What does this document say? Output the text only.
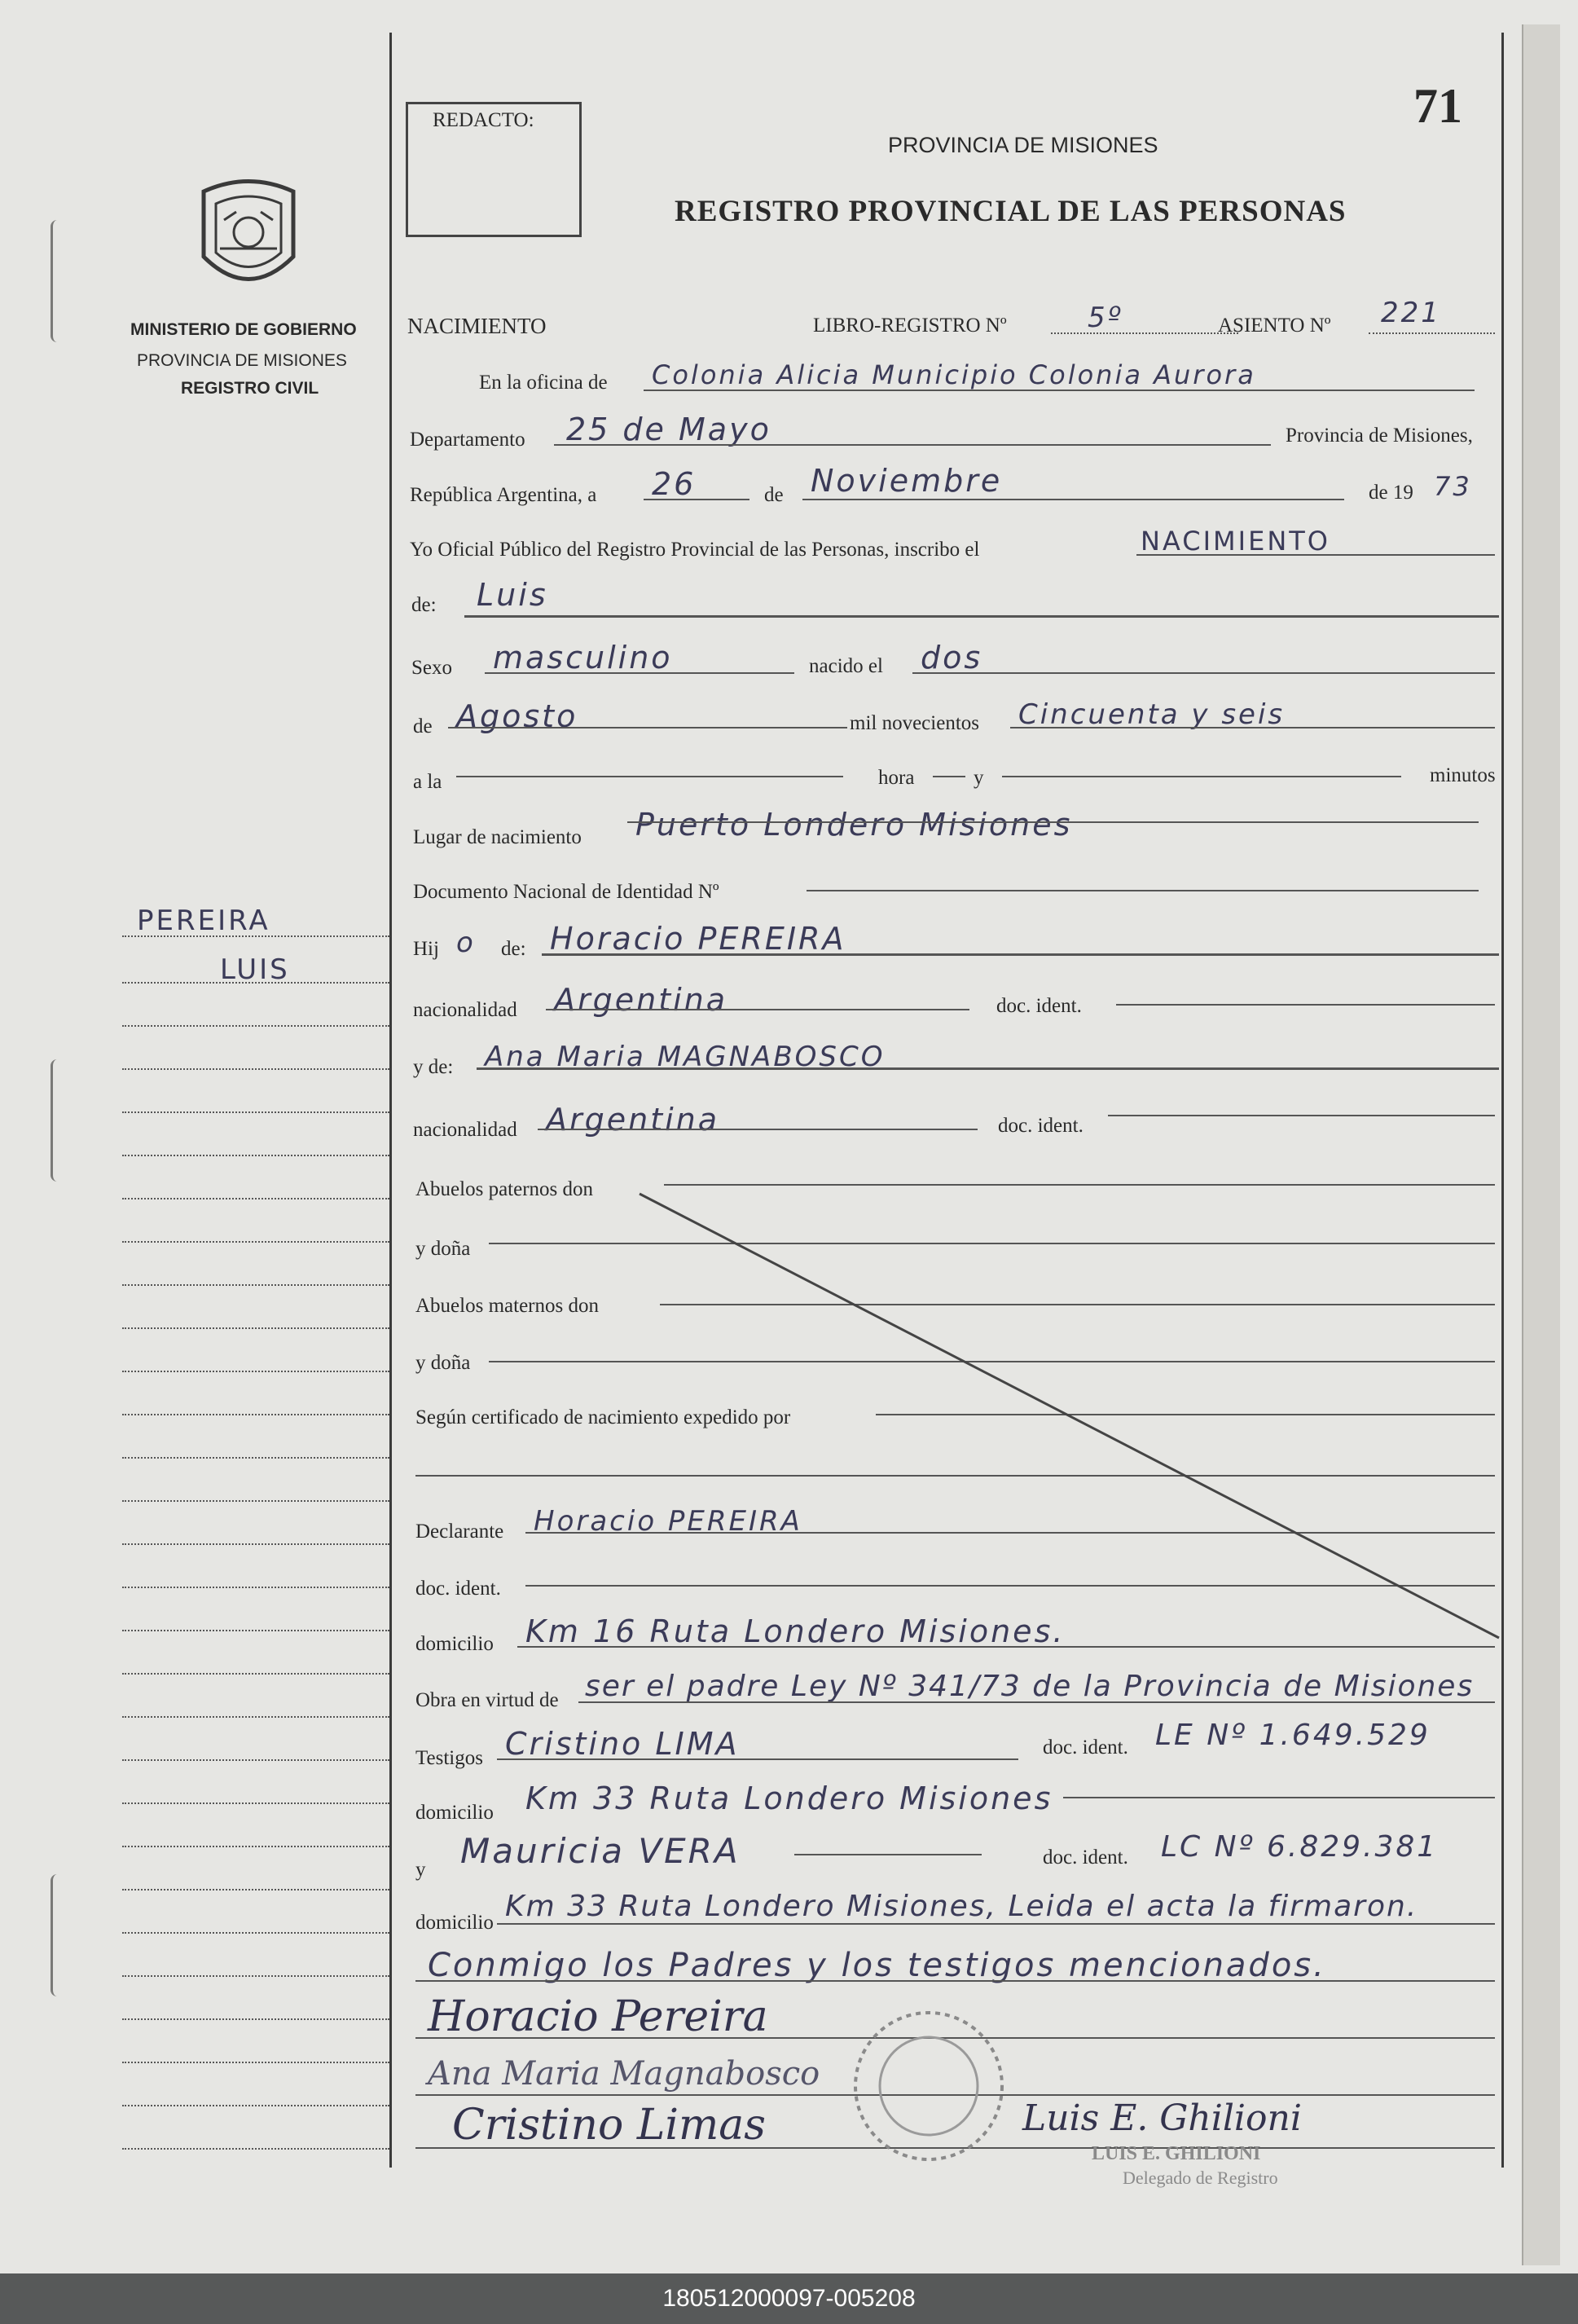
71
REDACTO:
PROVINCIA DE MISIONES
REGISTRO PROVINCIAL DE LAS PERSONAS
MINISTERIO DE GOBIERNO
PROVINCIA DE MISIONES
REGISTRO CIVIL
PEREIRA
LUIS
NACIMIENTO	LIBRO-REGISTRO Nº	5º	ASIENTO Nº 221
En la oficina de Colonia Alicia Municipio Colonia Aurora
Departamento 25 de Mayo	Provincia de Misiones,
República Argentina, a 26	de Noviembre	de 19 73
Yo Oficial Público del Registro Provincial de las Personas, inscribo el	NACIMIENTO
de: Luis
Sexo masculino	nacido el dos
de Agosto	mil novecientos Cincuenta y seis
a la	hora	y	minutos
Lugar de nacimiento Puerto Londero Misiones
Documento Nacional de Identidad Nº
Hij o de: Horacio PEREIRA
nacionalidad Argentina	doc. ident.
y de: Ana Maria MAGNABOSCO
nacionalidad Argentina	doc. ident.
Abuelos paternos don
y doña
Abuelos maternos don
y doña
Según certificado de nacimiento expedido por
Declarante Horacio PEREIRA
doc. ident.
domicilio Km 16 Ruta Londero Misiones.
Obra en virtud de ser el padre Ley Nº 341/73 de la Provincia de Misiones
Testigos Cristino LIMA	doc. ident. LE Nº 1.649.529
domicilio Km 33 Ruta Londero Misiones
y Mauricia VERA	doc. ident. LC Nº 6.829.381
domicilio Km 33 Ruta Londero Misiones, Leida el acta la firmaron.
Conmigo los Padres y los testigos mencionados.
Horacio Pereira
Ana Maria Magnabosco
Cristino Limas	Luis E. Ghilioni
LUIS E. GHILIONI
Delegado de Registro
180512000097-005208
